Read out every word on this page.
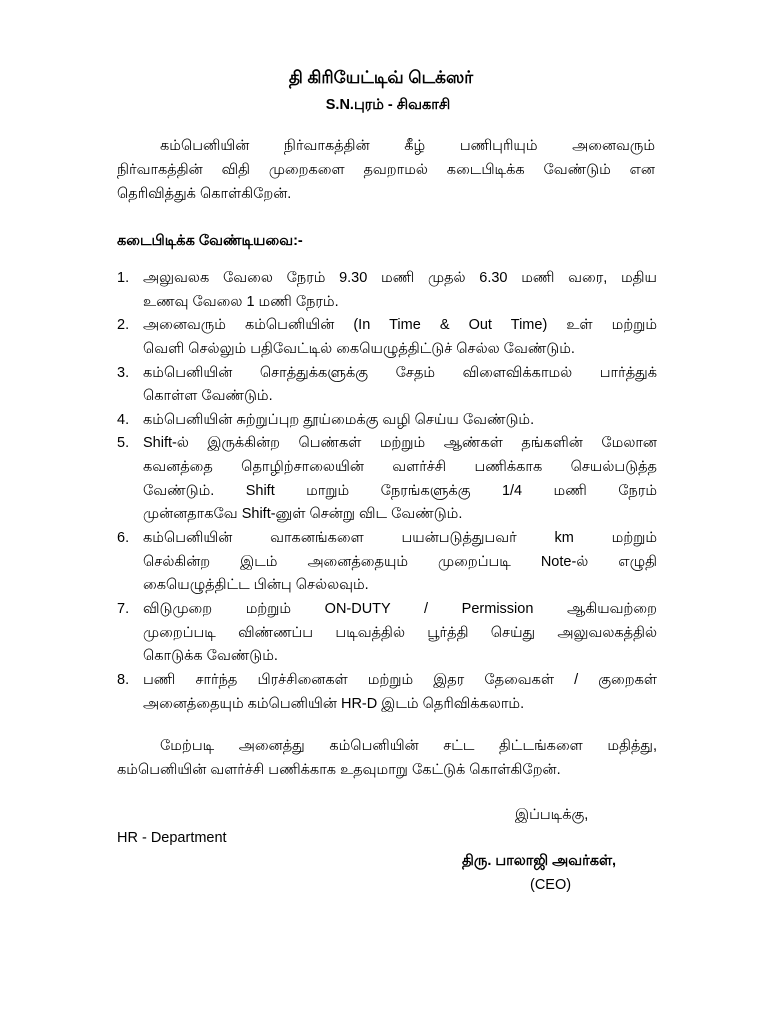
தி கிரியேட்டிவ் டெக்ஸர்
S.N.புரம் - சிவகாசி
கம்பெனியின் நிர்வாகத்தின் கீழ் பணிபுரியும் அனைவரும்
நிர்வாகத்தின் விதி முறைகளை தவறாமல் கடைபிடிக்க வேண்டும் என
தெரிவித்துக் கொள்கிறேன்.
கடைபிடிக்க வேண்டியவை:-
1. அலுவலக வேலை நேரம் 9.30 மணி முதல் 6.30 மணி வரை, மதிய
உணவு வேலை 1 மணி நேரம்.
2. அனைவரும் கம்பெனியின் (In Time & Out Time) உள் மற்றும்
வெளி செல்லும் பதிவேட்டில் கையெழுத்திட்டுச் செல்ல வேண்டும்.
3. கம்பெனியின் சொத்துக்களுக்கு சேதம் விளைவிக்காமல் பார்த்துக்
கொள்ள வேண்டும்.
4. கம்பெனியின் சுற்றுப்புற தூய்மைக்கு வழி செய்ய வேண்டும்.
5. Shift-ல் இருக்கின்ற பெண்கள் மற்றும் ஆண்கள் தங்களின் மேலான
கவனத்தை தொழிற்சாலையின் வளர்ச்சி பணிக்காக செயல்படுத்த
வேண்டும். Shift மாறும் நேரங்களுக்கு 1/4 மணி நேரம்
முன்னதாகவே Shift-னுள் சென்று விட வேண்டும்.
6. கம்பெனியின் வாகனங்களை பயன்படுத்துபவர் km மற்றும்
செல்கின்ற இடம் அனைத்தையும் முறைப்படி Note-ல் எழுதி
கையெழுத்திட்ட பின்பு செல்லவும்.
7. விடுமுறை மற்றும் ON-DUTY / Permission ஆகியவற்றை
முறைப்படி விண்ணப்ப படிவத்தில் பூர்த்தி செய்து அலுவலகத்தில்
கொடுக்க வேண்டும்.
8. பணி சார்ந்த பிரச்சினைகள் மற்றும் இதர தேவைகள் / குறைகள்
அனைத்தையும் கம்பெனியின் HR-D இடம் தெரிவிக்கலாம்.
மேற்படி அனைத்து கம்பெனியின் சட்ட திட்டங்களை மதித்து,
கம்பெனியின் வளர்ச்சி பணிக்காக உதவுமாறு கேட்டுக் கொள்கிறேன்.
இப்படிக்கு,
HR - Department
திரு. பாலாஜி அவர்கள்,
(CEO)
